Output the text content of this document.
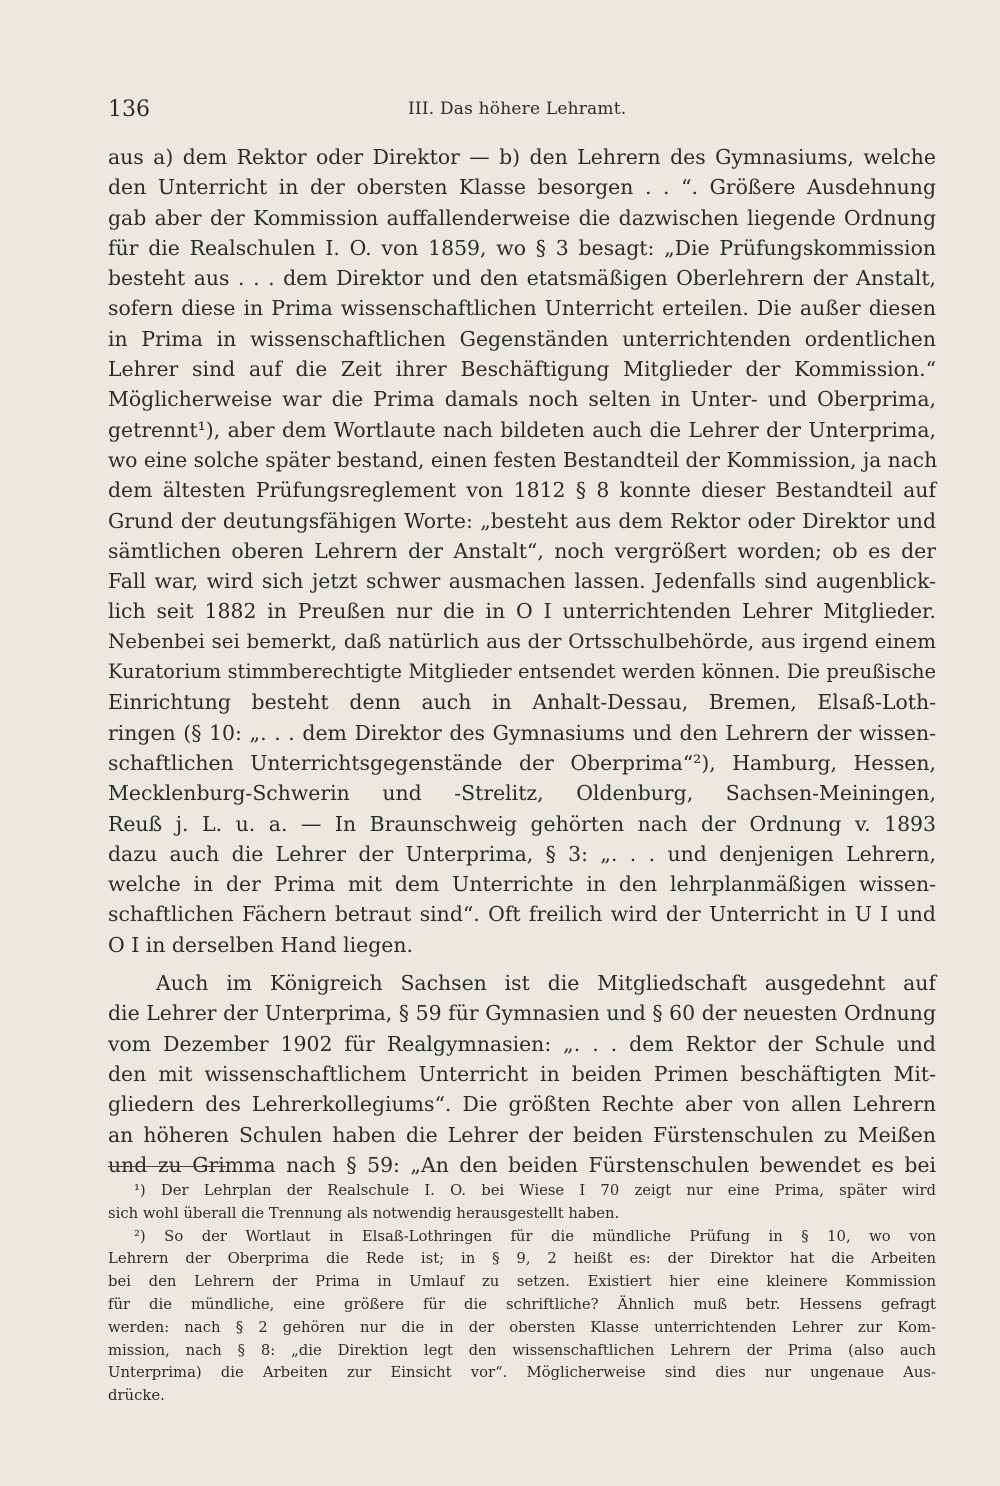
136	III. Das höhere Lehramt.
aus a) dem Rektor oder Direktor — b) den Lehrern des Gymnasiums, welche
den Unterricht in der obersten Klasse besorgen . . “. Größere Ausdehnung
gab aber der Kommission auffallenderweise die dazwischen liegende Ordnung
für die Realschulen I. O. von 1859, wo § 3 besagt: „Die Prüfungskommission
besteht aus . . . dem Direktor und den etatsmäßigen Oberlehrern der Anstalt,
sofern diese in Prima wissenschaftlichen Unterricht erteilen. Die außer diesen
in Prima in wissenschaftlichen Gegenständen unterrichtenden ordentlichen
Lehrer sind auf die Zeit ihrer Beschäftigung Mitglieder der Kommission.“
Möglicherweise war die Prima damals noch selten in Unter- und Oberprima,
getrennt¹), aber dem Wortlaute nach bildeten auch die Lehrer der Unterprima,
wo eine solche später bestand, einen festen Bestandteil der Kommission, ja nach
dem ältesten Prüfungsreglement von 1812 § 8 konnte dieser Bestandteil auf
Grund der deutungsfähigen Worte: „besteht aus dem Rektor oder Direktor und
sämtlichen oberen Lehrern der Anstalt“, noch vergrößert worden; ob es der
Fall war, wird sich jetzt schwer ausmachen lassen. Jedenfalls sind augenblick-
lich seit 1882 in Preußen nur die in O I unterrichtenden Lehrer Mitglieder.
Nebenbei sei bemerkt, daß natürlich aus der Ortsschulbehörde, aus irgend einem
Kuratorium stimmberechtigte Mitglieder entsendet werden können. Die preußische
Einrichtung besteht denn auch in Anhalt-Dessau, Bremen, Elsaß-Loth-
ringen (§ 10: „. . . dem Direktor des Gymnasiums und den Lehrern der wissen-
schaftlichen Unterrichtsgegenstände der Oberprima“²), Hamburg, Hessen,
Mecklenburg-Schwerin und -Strelitz, Oldenburg, Sachsen-Meiningen,
Reuß j. L. u. a. — In Braunschweig gehörten nach der Ordnung v. 1893
dazu auch die Lehrer der Unterprima, § 3: „. . . und denjenigen Lehrern,
welche in der Prima mit dem Unterrichte in den lehrplanmäßigen wissen-
schaftlichen Fächern betraut sind“. Oft freilich wird der Unterricht in U I und
O I in derselben Hand liegen.
Auch im Königreich Sachsen ist die Mitgliedschaft ausgedehnt auf
die Lehrer der Unterprima, § 59 für Gymnasien und § 60 der neuesten Ordnung
vom Dezember 1902 für Realgymnasien: „. . . dem Rektor der Schule und
den mit wissenschaftlichem Unterricht in beiden Primen beschäftigten Mit-
gliedern des Lehrerkollegiums“. Die größten Rechte aber von allen Lehrern
an höheren Schulen haben die Lehrer der beiden Fürstenschulen zu Meißen
und zu Grimma nach § 59: „An den beiden Fürstenschulen bewendet es bei
¹) Der Lehrplan der Realschule I. O. bei Wiese I 70 zeigt nur eine Prima, später wird
sich wohl überall die Trennung als notwendig herausgestellt haben.
²) So der Wortlaut in Elsaß-Lothringen für die mündliche Prüfung in § 10, wo von
Lehrern der Oberprima die Rede ist; in § 9, 2 heißt es: der Direktor hat die Arbeiten
bei den Lehrern der Prima in Umlauf zu setzen. Existiert hier eine kleinere Kommission
für die mündliche, eine größere für die schriftliche? Ähnlich muß betr. Hessens gefragt
werden: nach § 2 gehören nur die in der obersten Klasse unterrichtenden Lehrer zur Kom-
mission, nach § 8: „die Direktion legt den wissenschaftlichen Lehrern der Prima (also auch
Unterprima) die Arbeiten zur Einsicht vor“. Möglicherweise sind dies nur ungenaue Aus-
drücke.
